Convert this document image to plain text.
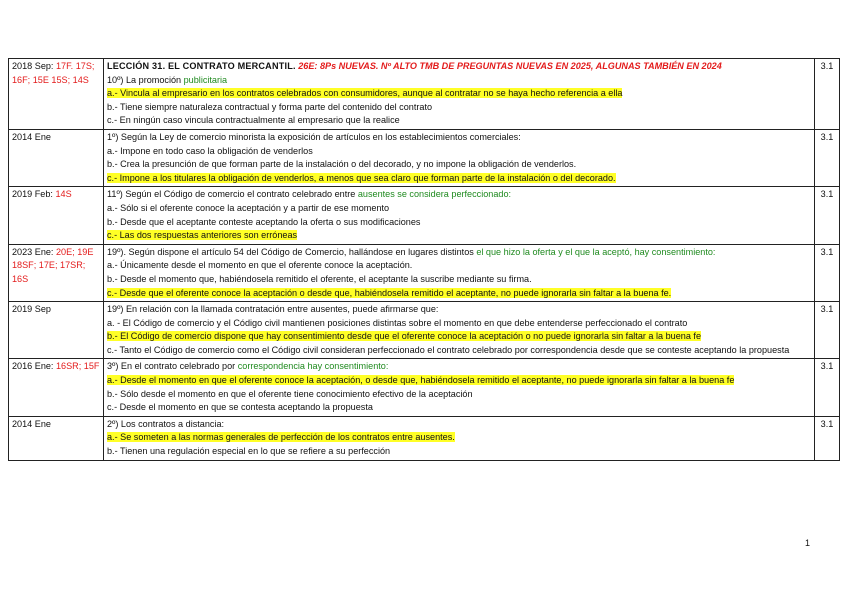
2018 Sep: 17F. 17S; 16F; 15E 15S; 14S	LECCIÓN 31. EL CONTRATO MERCANTIL. 26E: 8Ps NUEVAS. Nº ALTO TMB DE PREGUNTAS NUEVAS EN 2025, ALGUNAS TAMBIÉN EN 2024
10º) La promoción publicitaria
a.- Vincula al empresario en los contratos celebrados con consumidores, aunque al contratar no se haya hecho referencia a ella
b.- Tiene siempre naturaleza contractual y forma parte del contenido del contrato
c.- En ningún caso vincula contractualmente al empresario que la realice	3.1
2014 Ene	1º) Según la Ley de comercio minorista la exposición de artículos en los establecimientos comerciales:
a.- Impone en todo caso la obligación de venderlos
b.- Crea la presunción de que forman parte de la instalación o del decorado, y no impone la obligación de venderlos.
c.- Impone a los titulares la obligación de venderlos, a menos que sea claro que forman parte de la instalación o del decorado.	3.1
2019 Feb: 14S	11º) Según el Código de comercio el contrato celebrado entre ausentes se considera perfeccionado:
a.- Sólo si el oferente conoce la aceptación y a partir de ese momento
b.- Desde que el aceptante conteste aceptando la oferta o sus modificaciones
c.- Las dos respuestas anteriores son erróneas	3.1
2023 Ene: 20E; 19E 18SF; 17E; 17SR; 16S	19º). Según dispone el artículo 54 del Código de Comercio, hallándose en lugares distintos el que hizo la oferta y el que la aceptó, hay consentimiento:
a.- Únicamente desde el momento en que el oferente conoce la aceptación.
b.- Desde el momento que, habiéndosela remitido el oferente, el aceptante la suscribe mediante su firma.
c.- Desde que el oferente conoce la aceptación o desde que, habiéndosela remitido el aceptante, no puede ignorarla sin faltar a la buena fe.	3.1
2019 Sep	19º) En relación con la llamada contratación entre ausentes, puede afirmarse que:
a. - El Código de comercio y el Código civil mantienen posiciones distintas sobre el momento en que debe entenderse perfeccionado el contrato
b.- El Código de comercio dispone que hay consentimiento desde que el oferente conoce la aceptación o no puede ignorarla sin faltar a la buena fe
c.- Tanto el Código de comercio como el Código civil consideran perfeccionado el contrato celebrado por correspondencia desde que se conteste aceptando la propuesta	3.1
2016 Ene: 16SR; 15F	3º) En el contrato celebrado por correspondencia hay consentimiento:
a.- Desde el momento en que el oferente conoce la aceptación, o desde que, habiéndosela remitido el aceptante, no puede ignorarla sin faltar a la buena fe
b.- Sólo desde el momento en que el oferente tiene conocimiento efectivo de la aceptación
c.- Desde el momento en que se contesta aceptando la propuesta	3.1
2014 Ene	2º) Los contratos a distancia:
a.- Se someten a las normas generales de perfección de los contratos entre ausentes.
b.- Tienen una regulación especial en lo que se refiere a su perfección	3.1
1
